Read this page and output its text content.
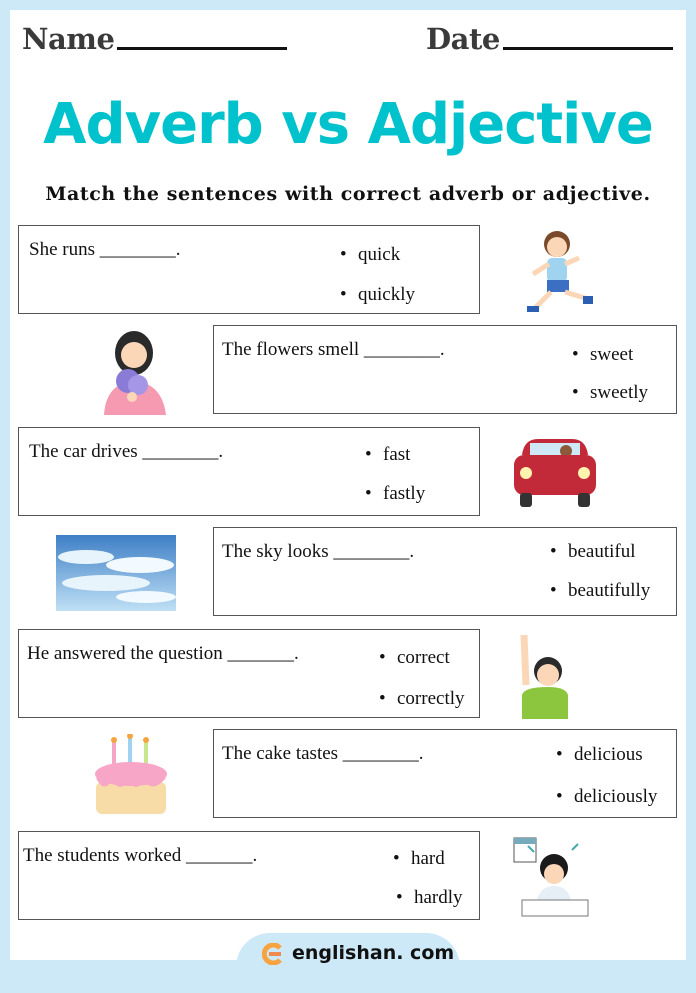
Name	Date
Adverb vs Adjective
Match the sentences with correct adverb or adjective.
She runs ________.	• quick
• quickly
The flowers smell ________.	• sweet
• sweetly
The car drives ________.	• fast
• fastly
The sky looks ________.	• beautiful
• beautifully
He answered the question _______.	• correct
• correctly
The cake tastes ________.	• delicious
• deliciously
The students worked _______.	• hard
• hardly
englishan. com
